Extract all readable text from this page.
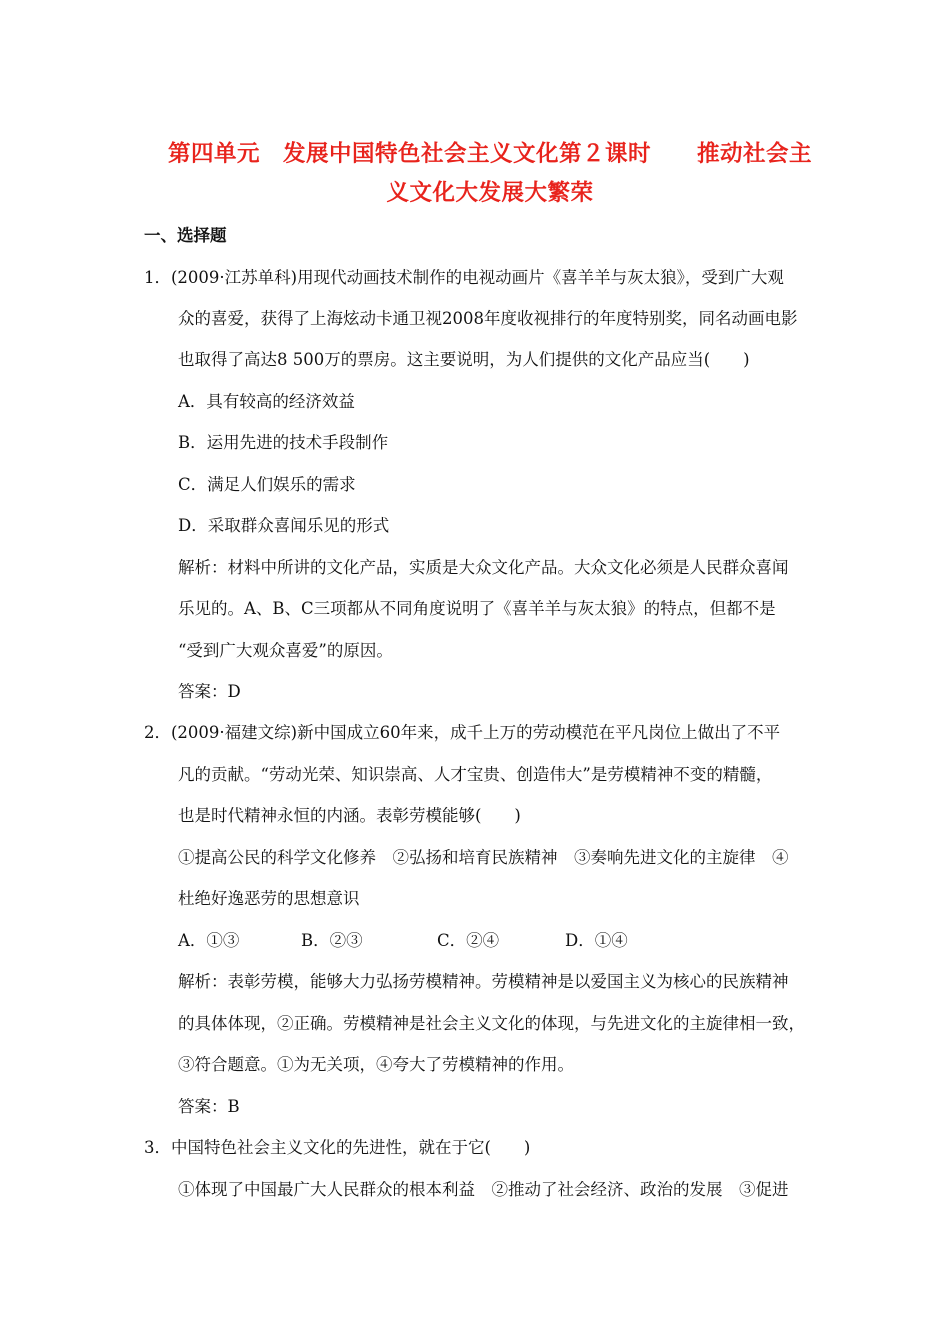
第四单元　发展中国特色社会主义文化第２课时　　推动社会主
义文化大发展大繁荣
一、选择题
1．(2009·江苏单科)用现代动画技术制作的电视动画片《喜羊羊与灰太狼》，受到广大观
众的喜爱，获得了上海炫动卡通卫视2008年度收视排行的年度特别奖，同名动画电影
也取得了高达8 500万的票房。这主要说明，为人们提供的文化产品应当(　　)
A．具有较高的经济效益
B．运用先进的技术手段制作
C．满足人们娱乐的需求
D．采取群众喜闻乐见的形式
解析：材料中所讲的文化产品，实质是大众文化产品。大众文化必须是人民群众喜闻
乐见的。A、B、C三项都从不同角度说明了《喜羊羊与灰太狼》的特点，但都不是
“受到广大观众喜爱”的原因。
答案：D
2．(2009·福建文综)新中国成立60年来，成千上万的劳动模范在平凡岗位上做出了不平
凡的贡献。“劳动光荣、知识崇高、人才宝贵、创造伟大”是劳模精神不变的精髓，
也是时代精神永恒的内涵。表彰劳模能够(　　)
①提高公民的科学文化修养　②弘扬和培育民族精神　③奏响先进文化的主旋律　④
杜绝好逸恶劳的思想意识
A．①③	B．②③	C．②④	D．①④
解析：表彰劳模，能够大力弘扬劳模精神。劳模精神是以爱国主义为核心的民族精神
的具体体现，②正确。劳模精神是社会主义文化的体现，与先进文化的主旋律相一致，
③符合题意。①为无关项，④夸大了劳模精神的作用。
答案：B
3．中国特色社会主义文化的先进性，就在于它(　　)
①体现了中国最广大人民群众的根本利益　②推动了社会经济、政治的发展　③促进
